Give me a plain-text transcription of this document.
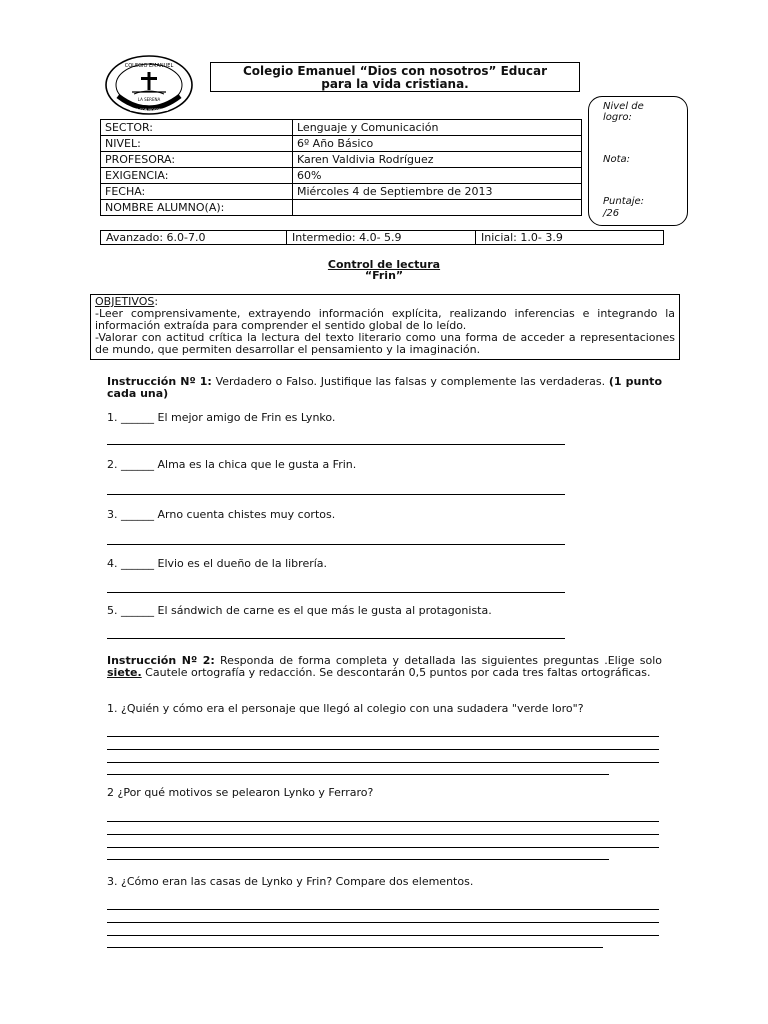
COLEGIO EMANUEL
LA SERENA
DIOS CON NOSOTROS
Colegio Emanuel “Dios con nosotros” Educar
para la vida cristiana.
Nivel de logro:
Nota:
Puntaje:
/26
SECTOR:	Lenguaje y Comunicación
NIVEL:	6º Año Básico
PROFESORA:	Karen Valdivia Rodríguez
EXIGENCIA:	60%
FECHA:	Miércoles 4 de Septiembre de 2013
NOMBRE ALUMNO(A):	
Avanzado: 6.0-7.0	Intermedio: 4.0- 5.9	Inicial: 1.0- 3.9
Control de lectura
“Frin”
OBJETIVOS:
-Leer comprensivamente, extrayendo información explícita, realizando inferencias e integrando la información extraída para comprender el sentido global de lo leído.
-Valorar con actitud crítica la lectura del texto literario como una forma de acceder a representaciones de mundo, que permiten desarrollar el pensamiento y la imaginación.
Instrucción Nº 1: Verdadero o Falso. Justifique las falsas y complemente las verdaderas. (1 punto cada una)
1. ______ El mejor amigo de Frin es Lynko.
2. ______ Alma es la chica que le gusta a Frin.
3. ______ Arno cuenta chistes muy cortos.
4. ______ Elvio es el dueño de la librería.
5. ______ El sándwich de carne es el que más le gusta al protagonista.
Instrucción Nº 2: Responda de forma completa y detallada las siguientes preguntas .Elige solo siete. Cautele ortografía y redacción. Se descontarán 0,5 puntos por cada tres faltas ortográficas.
1. ¿Quién y cómo era el personaje que llegó al colegio con una sudadera "verde loro"?
2 ¿Por qué motivos se pelearon Lynko y Ferraro?
3. ¿Cómo eran las casas de Lynko y Frin? Compare dos elementos.
